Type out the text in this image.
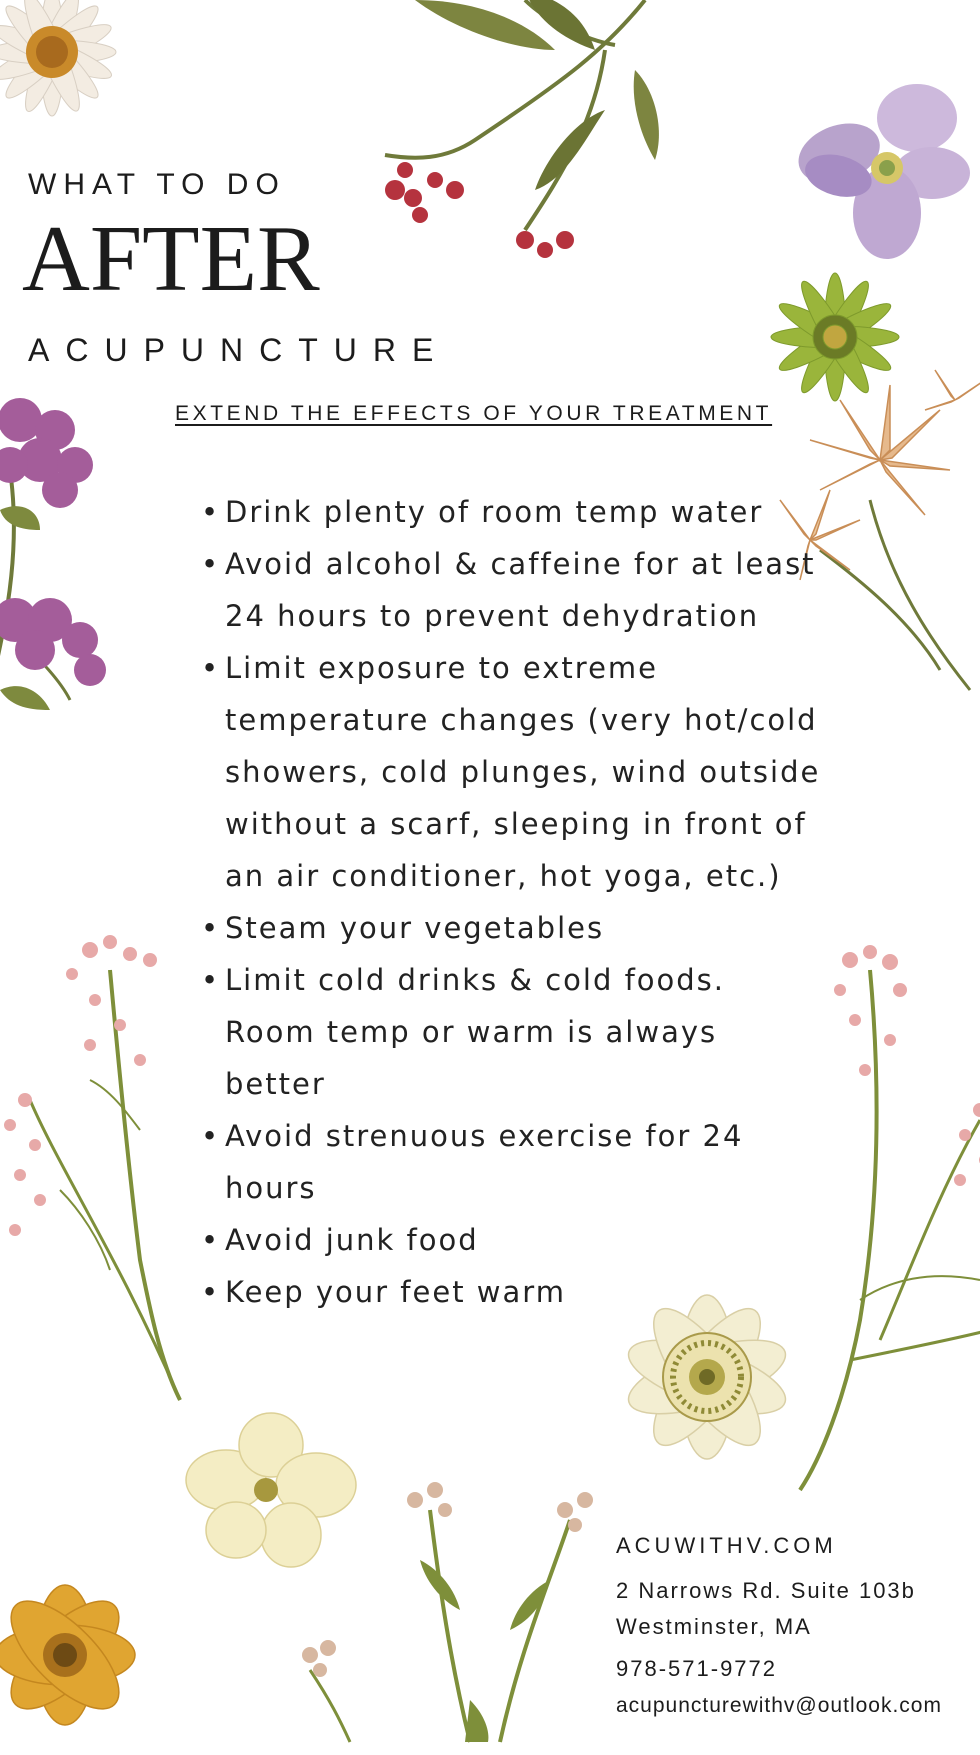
WHAT TO DO
AFTER
ACUPUNCTURE
EXTEND THE EFFECTS OF YOUR TREATMENT
• Drink plenty of room temp water
• Avoid alcohol & caffeine for at least 24 hours to prevent dehydration
• Limit exposure to extreme temperature changes (very hot/cold showers, cold plunges, wind outside without a scarf, sleeping in front of an air conditioner, hot yoga, etc.)
• Steam your vegetables
• Limit cold drinks & cold foods. Room temp or warm is always better
• Avoid strenuous exercise for 24 hours
• Avoid junk food
• Keep your feet warm
ACUWITHV.COM
2 Narrows Rd. Suite 103b
Westminster, MA
978-571-9772
acupuncturewithv@outlook.com
